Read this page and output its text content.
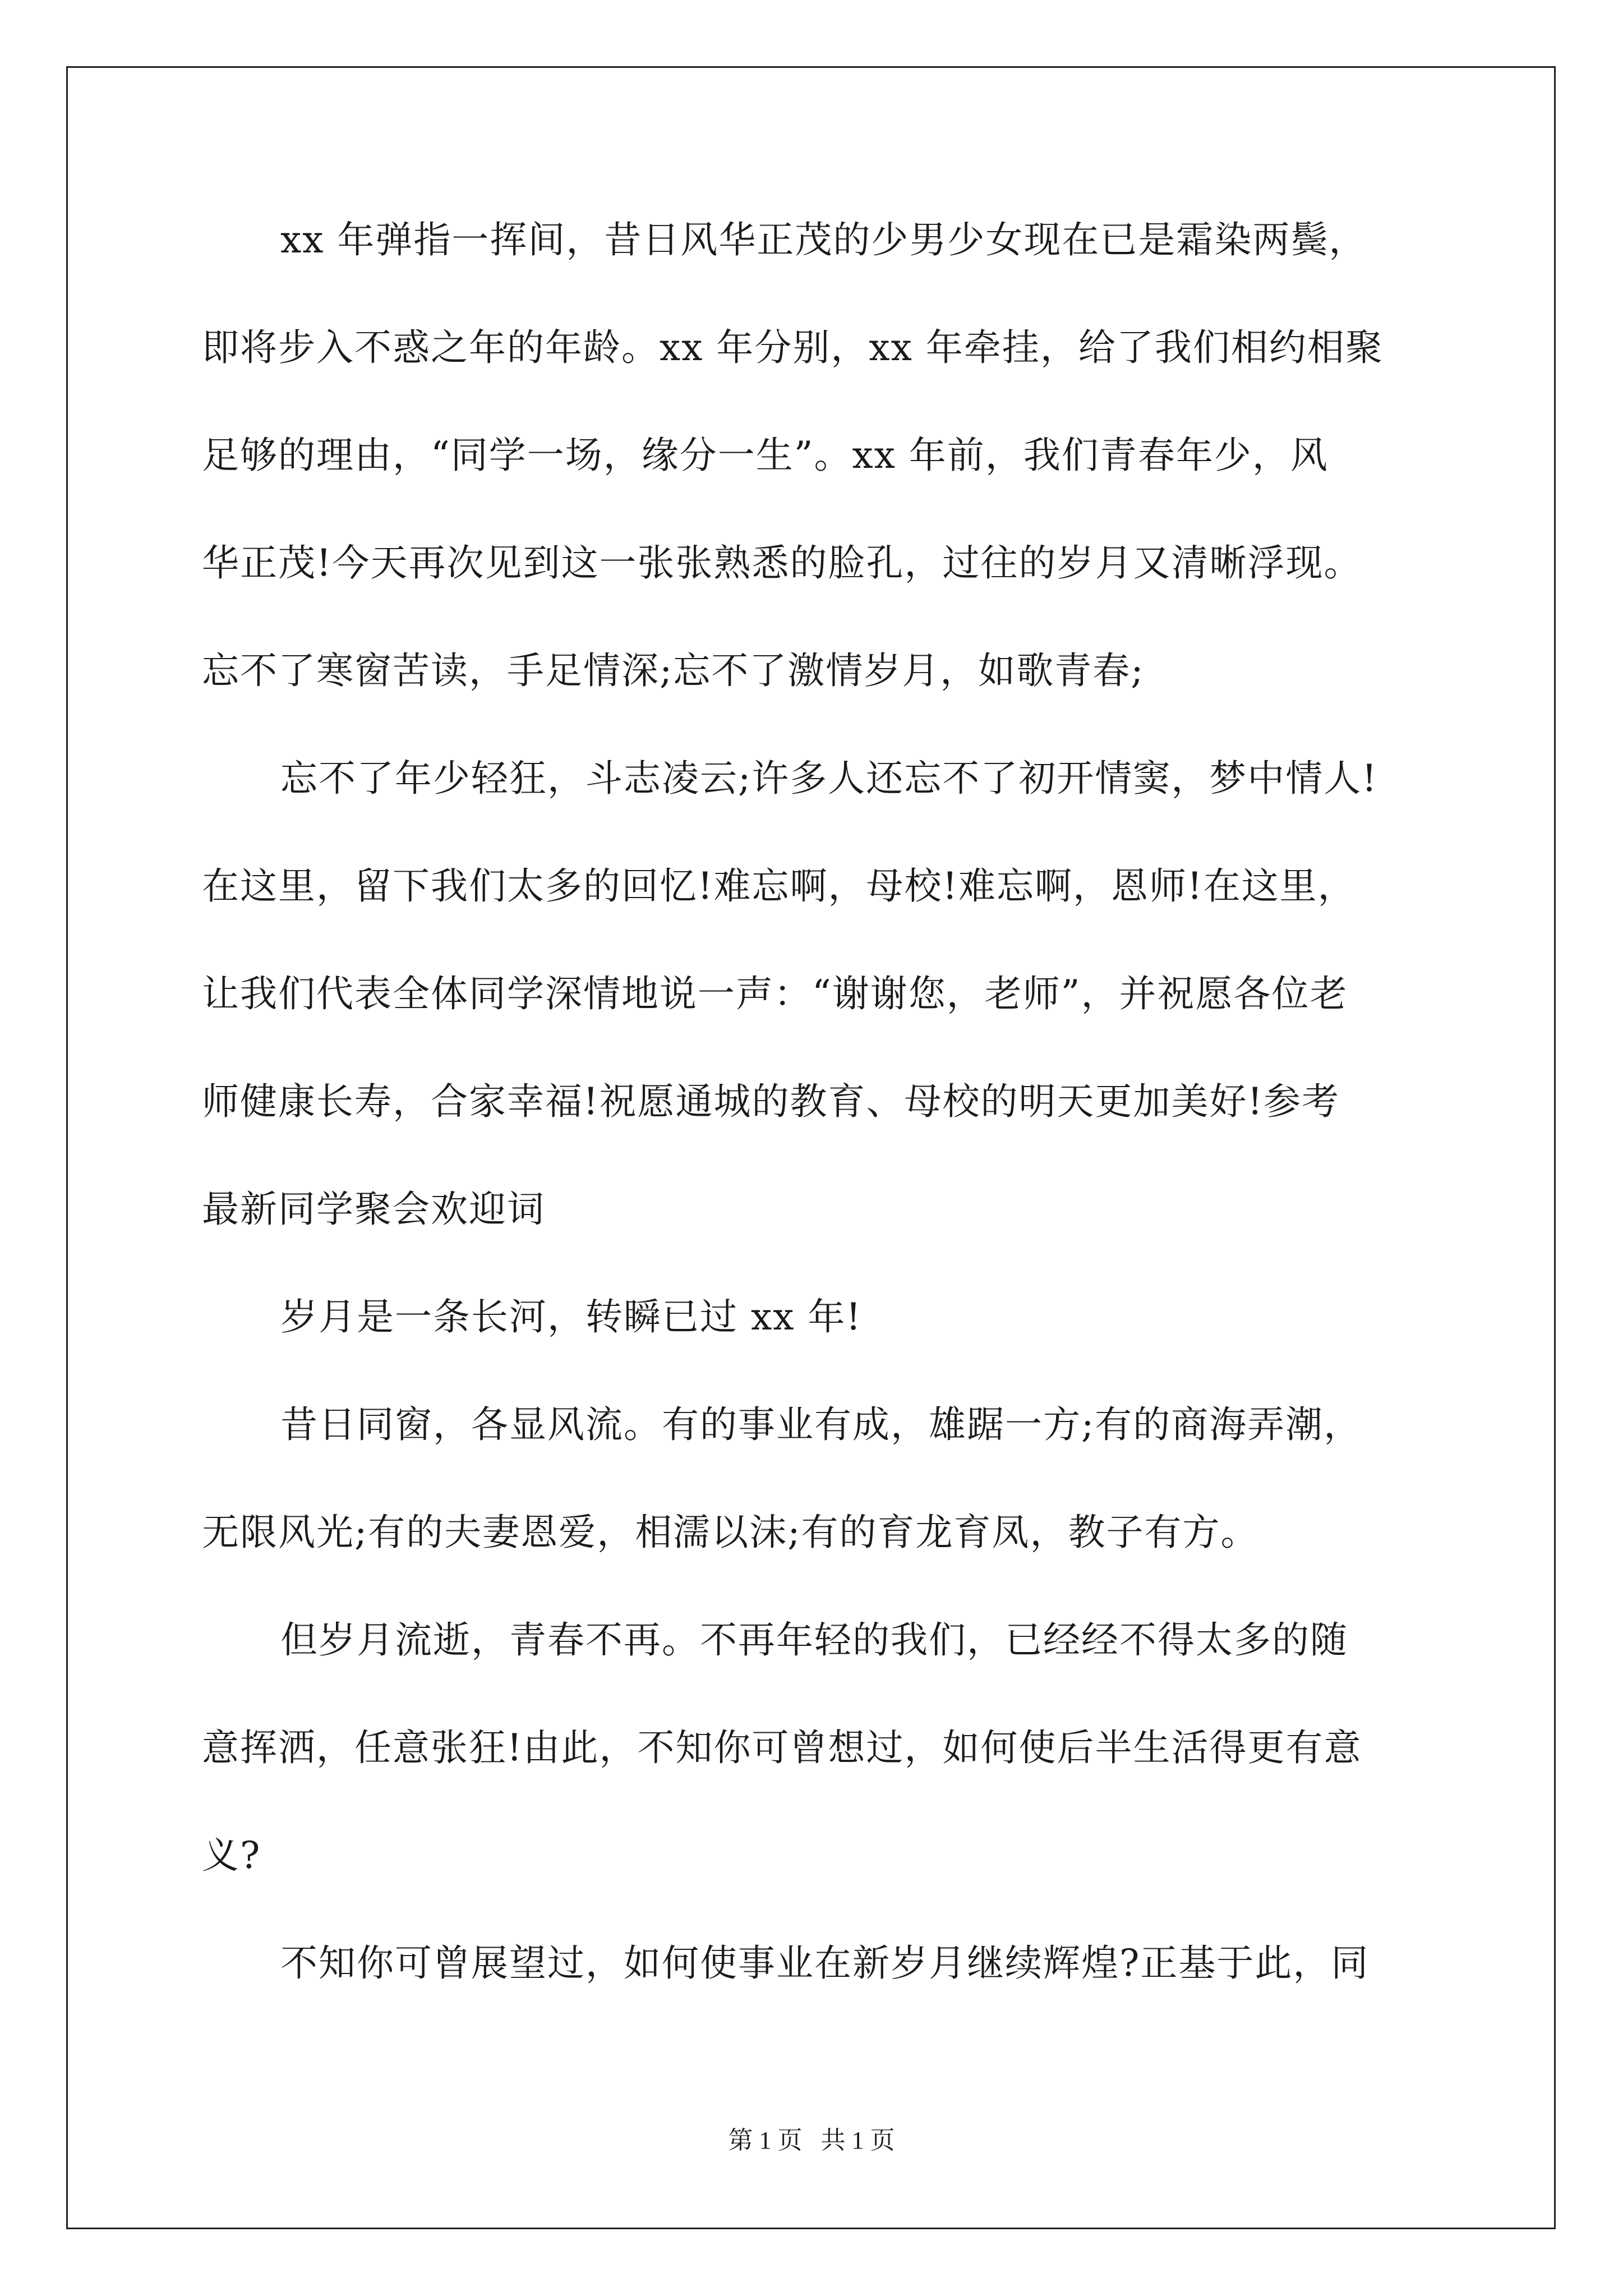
xx 年弹指一挥间，昔日风华正茂的少男少女现在已是霜染两鬓，
即将步入不惑之年的年龄。xx 年分别，xx 年牵挂，给了我们相约相聚
足够的理由，“同学一场，缘分一生”。xx 年前，我们青春年少，风
华正茂!今天再次见到这一张张熟悉的脸孔，过往的岁月又清晰浮现。
忘不了寒窗苦读，手足情深;忘不了激情岁月，如歌青春;
忘不了年少轻狂，斗志凌云;许多人还忘不了初开情窦，梦中情人!
在这里，留下我们太多的回忆!难忘啊，母校!难忘啊，恩师!在这里，
让我们代表全体同学深情地说一声：“谢谢您，老师”，并祝愿各位老
师健康长寿，合家幸福!祝愿通城的教育、母校的明天更加美好!参考
最新同学聚会欢迎词
岁月是一条长河，转瞬已过 xx 年!
昔日同窗，各显风流。有的事业有成，雄踞一方;有的商海弄潮，
无限风光;有的夫妻恩爱，相濡以沫;有的育龙育凤，教子有方。
但岁月流逝，青春不再。不再年轻的我们，已经经不得太多的随
意挥洒，任意张狂!由此，不知你可曾想过，如何使后半生活得更有意
义?
不知你可曾展望过，如何使事业在新岁月继续辉煌?正基于此，同
第 1 页   共 1 页
